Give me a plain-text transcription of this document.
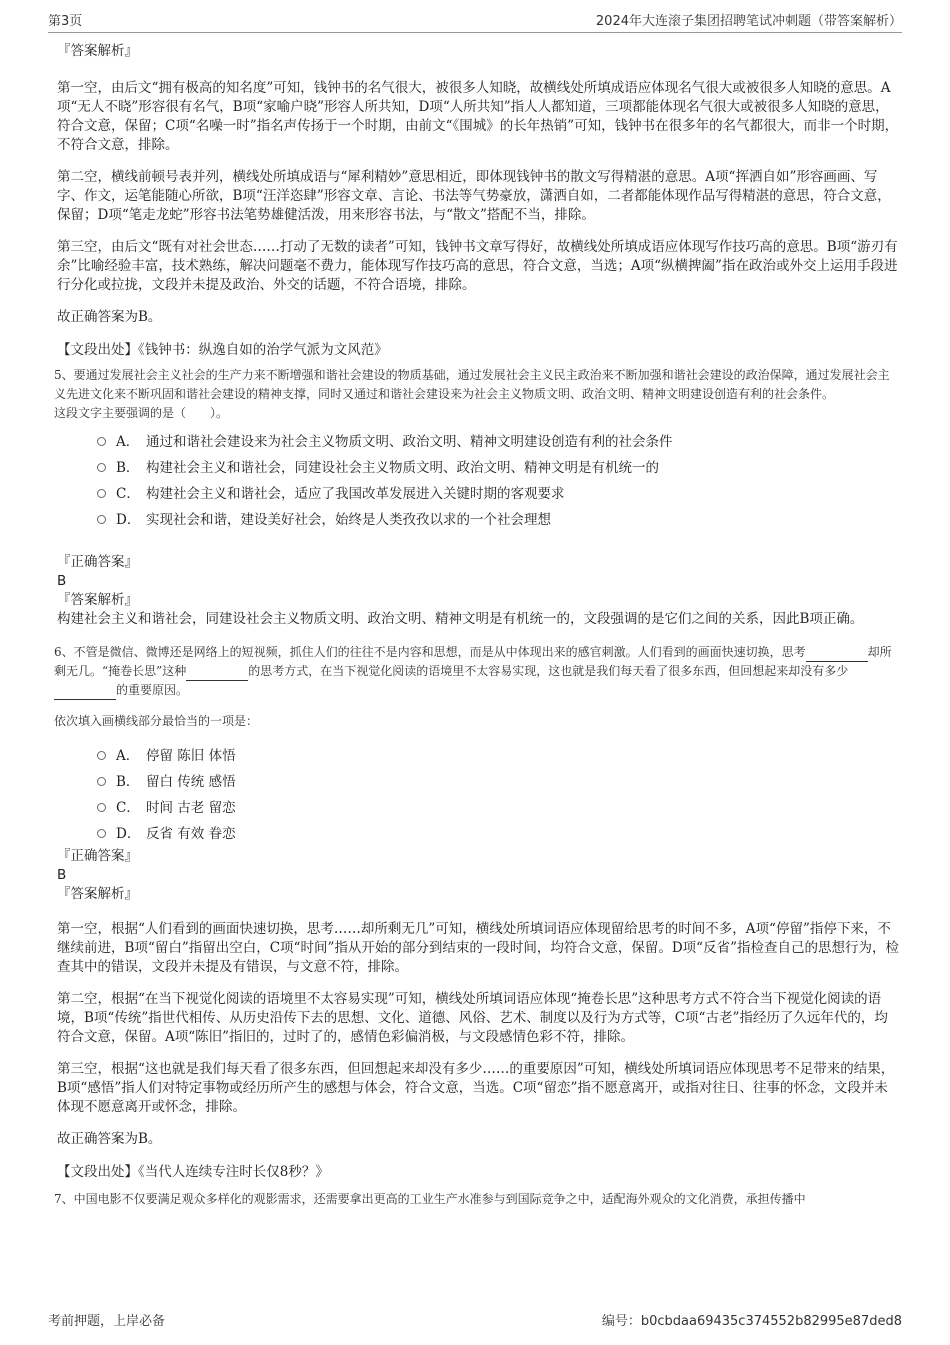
第3页	2024年大连滚子集团招聘笔试冲刺题（带答案解析）

『答案解析』

第一空，由后文“拥有极高的知名度”可知，钱钟书的名气很大，被很多人知晓，故横线处所填成语应体现名气很大或被很多人知晓的意思。A项“无人不晓”形容很有名气，B项“家喻户晓”形容人所共知，D项“人所共知”指人人都知道，三项都能体现名气很大或被很多人知晓的意思，符合文意，保留；C项“名噪一时”指名声传扬于一个时期，由前文“《围城》的长年热销”可知，钱钟书在很多年的名气都很大，而非一个时期，不符合文意，排除。

第二空，横线前顿号表并列，横线处所填成语与“犀利精妙”意思相近，即体现钱钟书的散文写得精湛的意思。A项“挥洒自如”形容画画、写字、作文，运笔能随心所欲，B项“汪洋恣肆”形容文章、言论、书法等气势豪放，潇洒自如，二者都能体现作品写得精湛的意思，符合文意，保留；D项“笔走龙蛇”形容书法笔势雄健活泼，用来形容书法，与“散文”搭配不当，排除。

第三空，由后文“既有对社会世态……打动了无数的读者”可知，钱钟书文章写得好，故横线处所填成语应体现写作技巧高的意思。B项“游刃有余”比喻经验丰富，技术熟练，解决问题毫不费力，能体现写作技巧高的意思，符合文意，当选；A项“纵横捭阖”指在政治或外交上运用手段进行分化或拉拢，文段并未提及政治、外交的话题，不符合语境，排除。

故正确答案为B。

【文段出处】《钱钟书：纵逸自如的治学气派为文风范》

5、要通过发展社会主义社会的生产力来不断增强和谐社会建设的物质基础，通过发展社会主义民主政治来不断加强和谐社会建设的政治保障，通过发展社会主义先进文化来不断巩固和谐社会建设的精神支撑，同时又通过和谐社会建设来为社会主义物质文明、政治文明、精神文明建设创造有利的社会条件。

这段文字主要强调的是（　　）。

A． 通过和谐社会建设来为社会主义物质文明、政治文明、精神文明建设创造有利的社会条件
B． 构建社会主义和谐社会，同建设社会主义物质文明、政治文明、精神文明是有机统一的
C． 构建社会主义和谐社会，适应了我国改革发展进入关键时期的客观要求
D． 实现社会和谐，建设美好社会，始终是人类孜孜以求的一个社会理想

『正确答案』

B

『答案解析』

构建社会主义和谐社会，同建设社会主义物质文明、政治文明、精神文明是有机统一的，文段强调的是它们之间的关系，因此B项正确。

6、不管是微信、微博还是网络上的短视频，抓住人们的往往不是内容和思想，而是从中体现出来的感官刺激。人们看到的画面快速切换，思考	却所剩无几。“掩卷长思”这种	的思考方式，在当下视觉化阅读的语境里不太容易实现，这也就是我们每天看了很多东西，但回想起来却没有多少的重要原因。

依次填入画横线部分最恰当的一项是：

A． 停留 陈旧 体悟
B． 留白 传统 感悟
C． 时间 古老 留恋
D． 反省 有效 眷恋

『正确答案』

B

『答案解析』

第一空，根据“人们看到的画面快速切换，思考……却所剩无几”可知，横线处所填词语应体现留给思考的时间不多，A项“停留”指停下来，不继续前进，B项“留白”指留出空白，C项“时间”指从开始的部分到结束的一段时间，均符合文意，保留。D项“反省”指检查自己的思想行为，检查其中的错误，文段并未提及有错误，与文意不符，排除。

第二空，根据“在当下视觉化阅读的语境里不太容易实现”可知，横线处所填词语应体现“掩卷长思”这种思考方式不符合当下视觉化阅读的语境，B项“传统”指世代相传、从历史沿传下去的思想、文化、道德、风俗、艺术、制度以及行为方式等，C项“古老”指经历了久远年代的，均符合文意，保留。A项“陈旧”指旧的，过时了的，感情色彩偏消极，与文段感情色彩不符，排除。

第三空，根据“这也就是我们每天看了很多东西，但回想起来却没有多少……的重要原因”可知，横线处所填词语应体现思考不足带来的结果，B项“感悟”指人们对特定事物或经历所产生的感想与体会，符合文意，当选。C项“留恋”指不愿意离开，或指对往日、往事的怀念，文段并未体现不愿意离开或怀念，排除。

故正确答案为B。

【文段出处】《当代人连续专注时长仅8秒？》

7、中国电影不仅要满足观众多样化的观影需求，还需要拿出更高的工业生产水准参与到国际竞争之中，适配海外观众的文化消费，承担传播中

考前押题，上岸必备	编号：b0cbdaa69435c374552b82995e87ded8
